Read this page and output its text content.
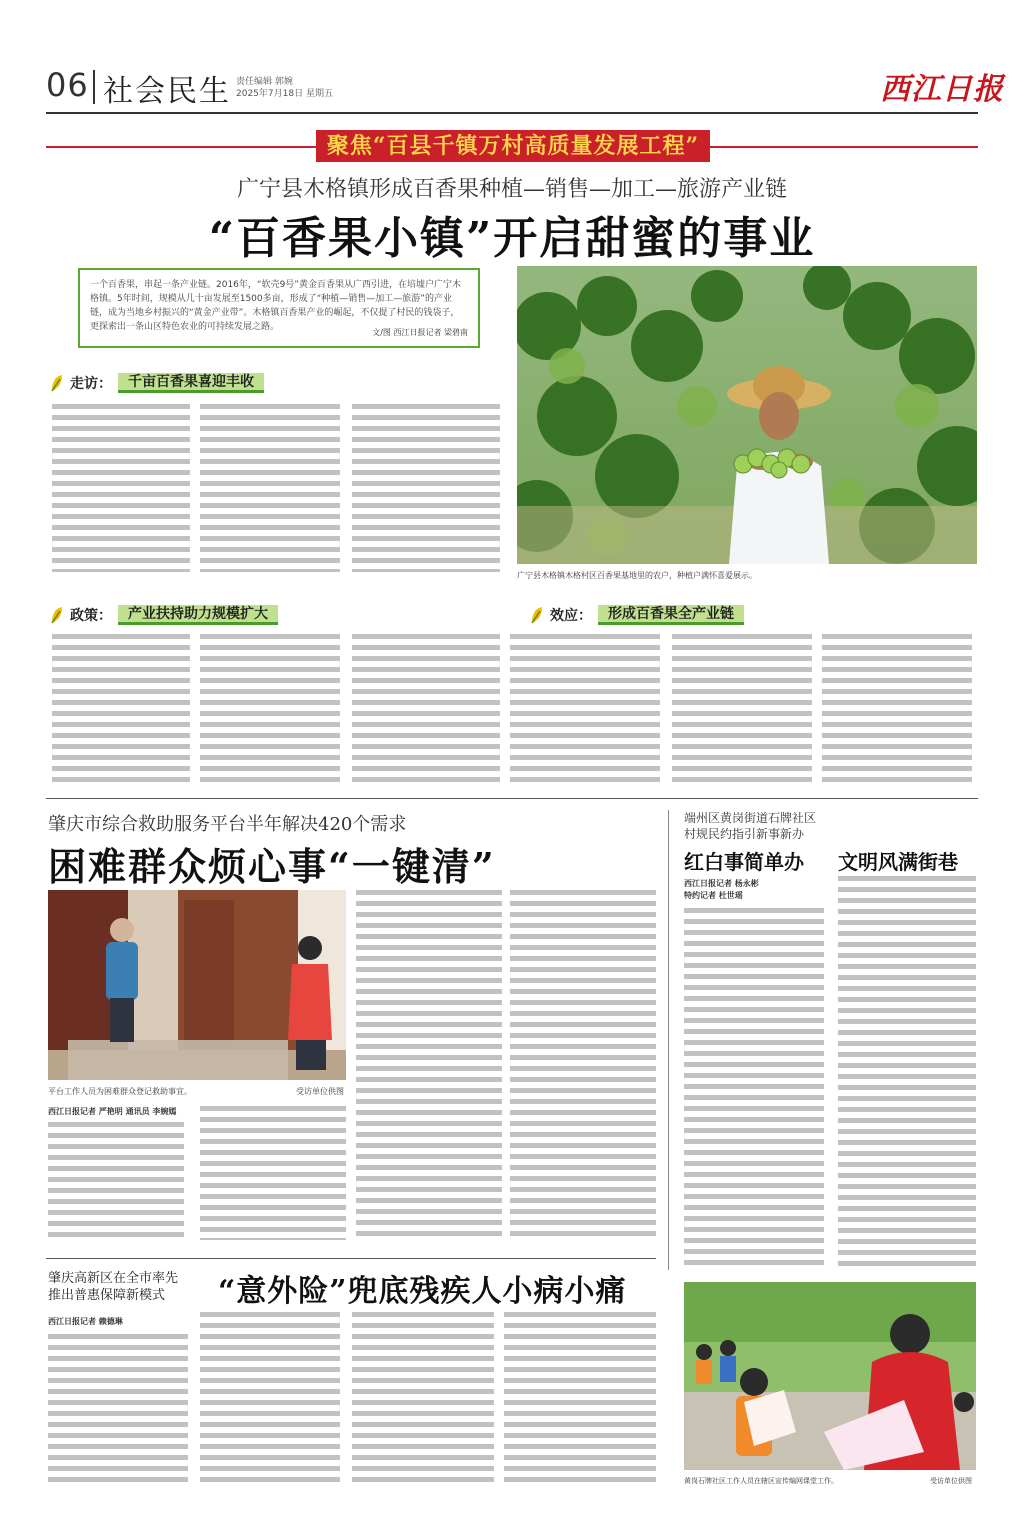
06 社会民生 责任编辑 郭婉
2025年7月18日 星期五	西江日报
聚焦“百县千镇万村高质量发展工程”
广宁县木格镇形成百香果种植—销售—加工—旅游产业链
“百香果小镇”开启甜蜜的事业
一个百香果，串起一条产业链。2016年，“软壳9号”黄金百香果从广西引进，在培墟户广宁木格镇。5年时间，规模从几十亩发展至1500多亩，形成了“种植—销售—加工—旅游”的产业链，成为当地乡村振兴的“黄金产业带”。木格镇百香果产业的崛起，不仅提了村民的钱袋子，更探索出一条山区特色农业的可持续发展之路。
文/图 西江日报记者 梁碧南
广宁县木格镇木格村区百香果基地里的农户，种植户满怀喜爱展示。
走访：	千亩百香果喜迎丰收
政策：	产业扶持助力规模扩大	效应：	形成百香果全产业链
肇庆市综合救助服务平台半年解决420个需求
困难群众烦心事“一键清”
平台工作人员为困难群众登记救助事宜。	受访单位供图
西江日报记者 严艳明 通讯员 李婉嫣
端州区黄岗街道石牌社区
村规民约指引新事新办
红白事简单办 文明风满街巷
西江日报记者 杨永彬
特约记者 杜世瑶
肇庆高新区在全市率先
推出普惠保障新模式	“意外险”兜底残疾人小病小痛
西江日报记者 赖德琳
黄岗石牌社区工作人员在辖区宣传编网课堂工作。	受访单位供图
